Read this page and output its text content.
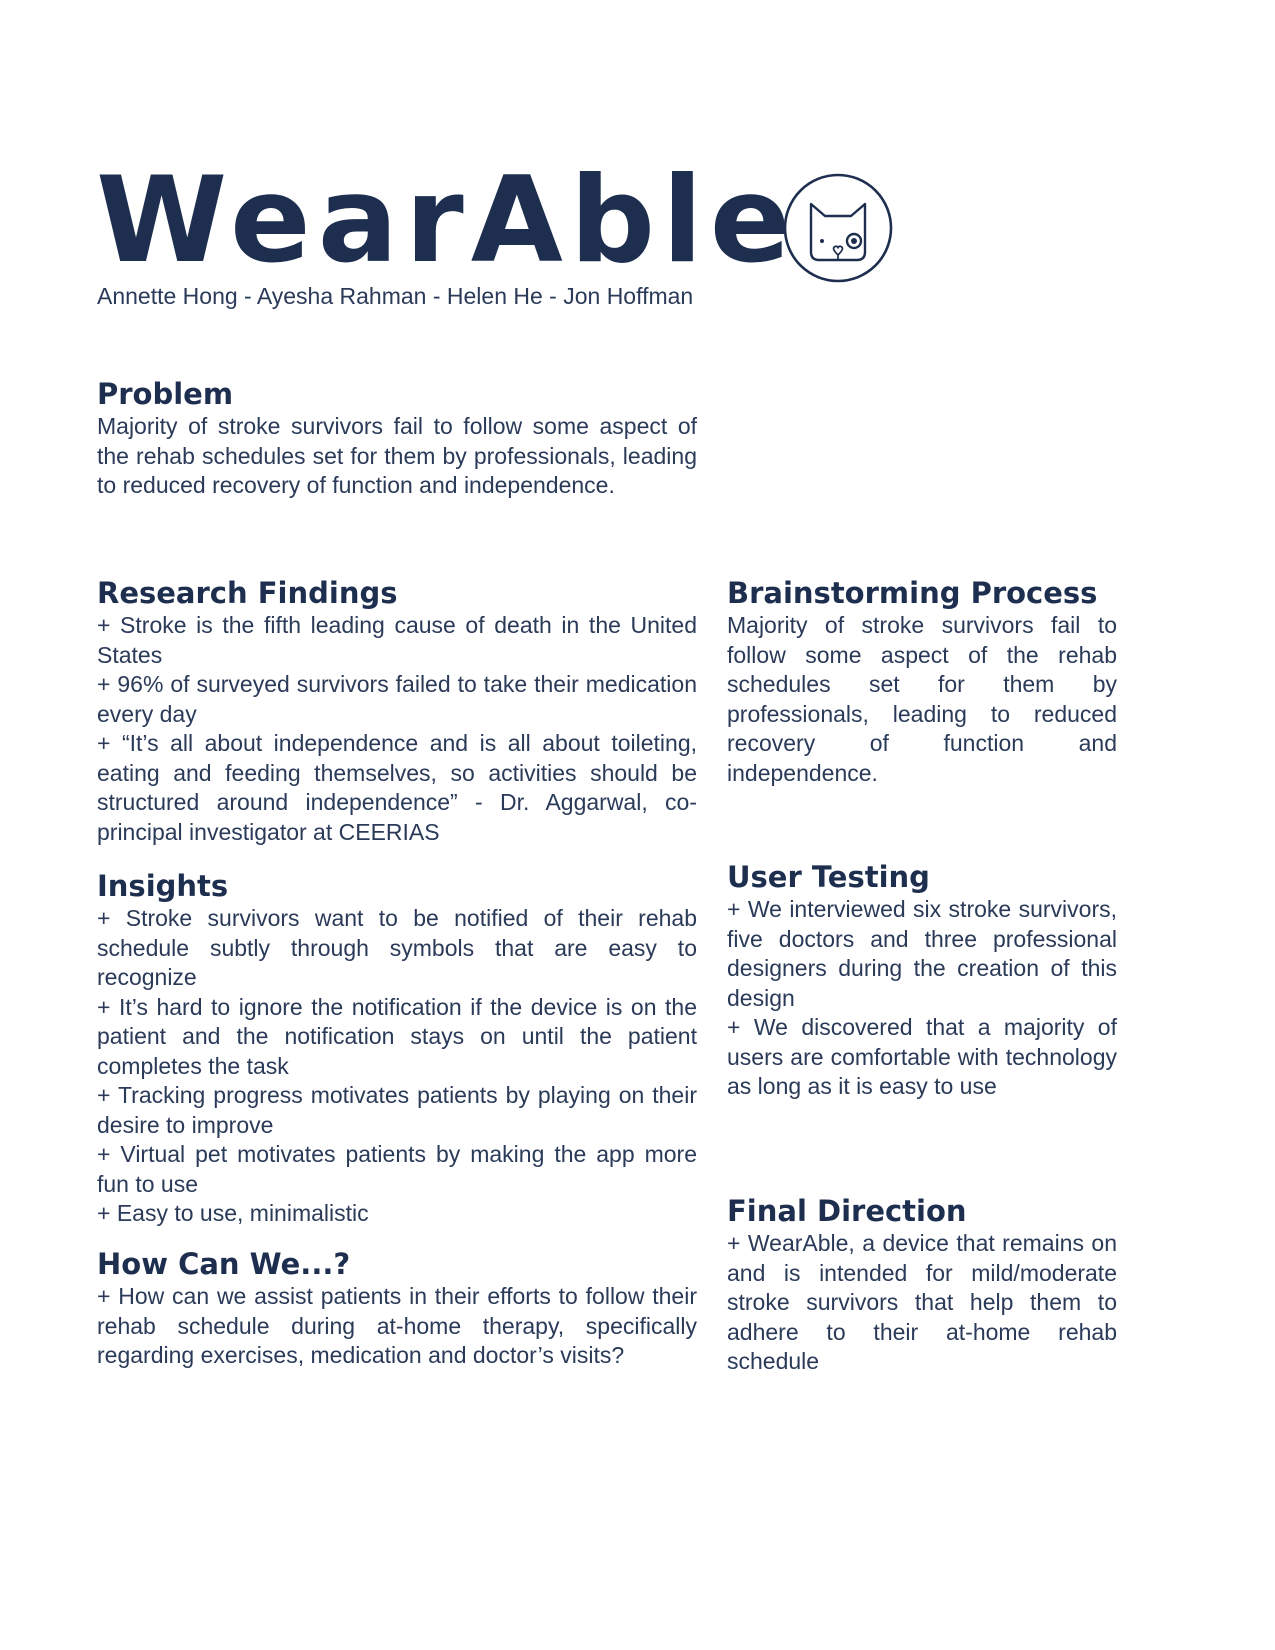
WearAble

Annette Hong - Ayesha Rahman - Helen He - Jon Hoffman

Problem

Majority of stroke survivors fail to follow some aspect of the rehab schedules set for them by professionals, leading to reduced recovery of function and independence.

Research Findings

+ Stroke is the fifth leading cause of death in the United States

+ 96% of surveyed survivors failed to take their medication every day

+ “It’s all about independence and is all about toileting, eating and feeding themselves, so activities should be structured around independence” - Dr. Aggarwal, co-principal investigator at CEERIAS

Insights

+ Stroke survivors want to be notified of their rehab schedule subtly through symbols that are easy to recognize

+ It’s hard to ignore the notification if the device is on the patient and the notification stays on until the patient completes the task

+ Tracking progress motivates patients by playing on their desire to improve

+ Virtual pet motivates patients by making the app more fun to use

+ Easy to use, minimalistic

How Can We...?

+ How can we assist patients in their efforts to follow their rehab schedule during at-home therapy, specifically regarding exercises, medication and doctor’s visits?

Brainstorming Process

Majority of stroke survivors fail to follow some aspect of the rehab schedules set for them by professionals, leading to reduced recovery of function and independence.

User Testing

+ We interviewed six stroke survivors, five doctors and three professional designers during the creation of this design

+ We discovered that a majority of users are comfortable with technology as long as it is easy to use

Final Direction

+ WearAble, a device that remains on and is intended for mild/moderate stroke survivors that help them to adhere to their at-home rehab schedule
